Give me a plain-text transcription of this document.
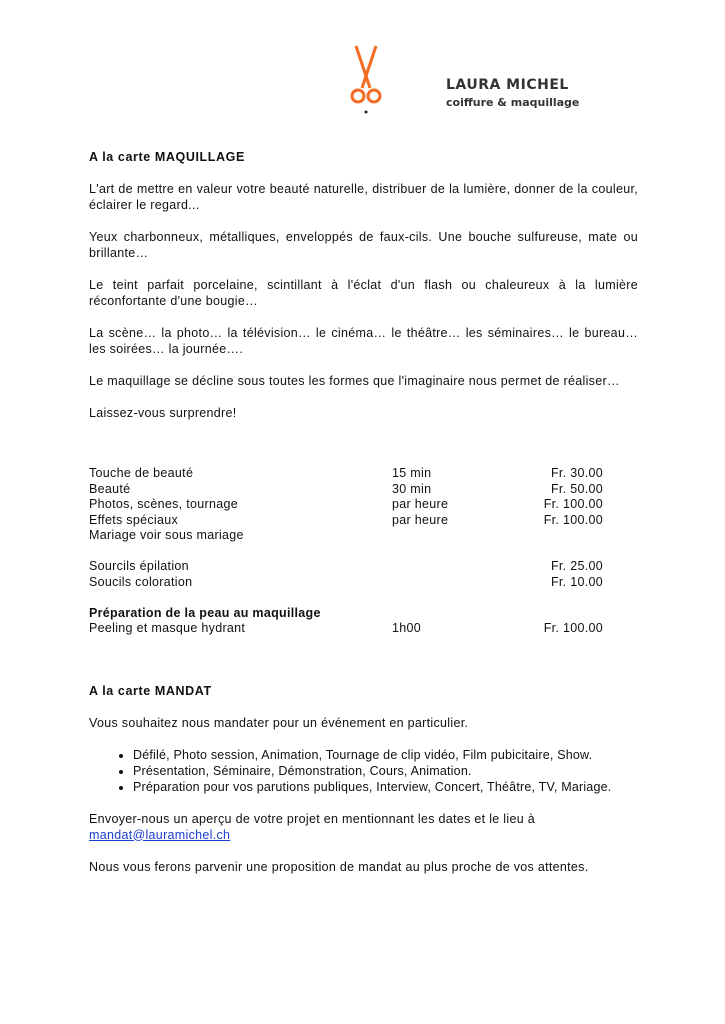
LAURA MICHEL
coiffure & maquillage
A la carte MAQUILLAGE

L'art de mettre en valeur votre beauté naturelle, distribuer de la lumière, donner de la couleur, éclairer le regard...

Yeux charbonneux, métalliques, enveloppés de faux-cils. Une bouche sulfureuse, mate ou brillante…

Le teint parfait porcelaine, scintillant à l'éclat d'un flash ou chaleureux à la lumière réconfortante d'une bougie…

La scène… la photo… la télévision… le cinéma… le théâtre… les séminaires… le bureau… les soirées… la journée….

Le maquillage se décline sous toutes les formes que l'imaginaire nous permet de réaliser…

Laissez-vous surprendre!

Touche de beauté	15 min	Fr. 30.00
Beauté	30 min	Fr. 50.00
Photos, scènes, tournage	par heure	Fr. 100.00
Effets spéciaux	par heure	Fr. 100.00
Mariage voir sous mariage		

Sourcils épilation		Fr. 25.00
Soucils coloration		Fr. 10.00

Préparation de la peau au maquillage		
Peeling et masque hydrant	1h00	Fr. 100.00
A la carte MANDAT

Vous souhaitez nous mandater pour un événement en particulier.

• Défilé, Photo session, Animation, Tournage de clip vidéo, Film pubicitaire, Show.
• Présentation, Séminaire, Démonstration, Cours, Animation.
• Préparation pour vos parutions publiques, Interview, Concert, Théâtre, TV, Mariage.

Envoyer-nous un aperçu de votre projet en mentionnant les dates et le lieu à
mandat@lauramichel.ch

Nous vous ferons parvenir une proposition de mandat au plus proche de vos attentes.
